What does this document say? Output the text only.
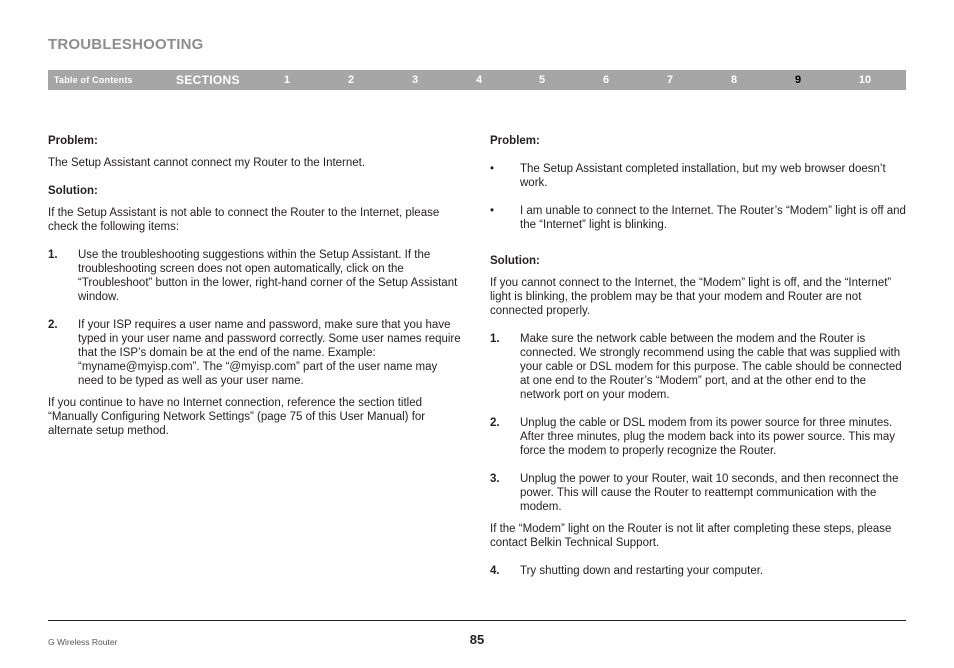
TROUBLESHOOTING
Table of Contents	SECTIONS	1	2	3	4	5	6	7	8	9	10

Problem:

The Setup Assistant cannot connect my Router to the Internet.

Solution:

If the Setup Assistant is not able to connect the Router to the Internet, please check the following items:

1. Use the troubleshooting suggestions within the Setup Assistant. If the troubleshooting screen does not open automatically, click on the “Troubleshoot” button in the lower, right-hand corner of the Setup Assistant window.
2. If your ISP requires a user name and password, make sure that you have typed in your user name and password correctly. Some user names require that the ISP’s domain be at the end of the name. Example: “myname@myisp.com”. The “@myisp.com” part of the user name may need to be typed as well as your user name.

If you continue to have no Internet connection, reference the section titled “Manually Configuring Network Settings” (page 75 of this User Manual) for alternate setup method.

Problem:

• The Setup Assistant completed installation, but my web browser doesn’t work.
• I am unable to connect to the Internet. The Router’s “Modem” light is off and the “Internet” light is blinking.

Solution:

If you cannot connect to the Internet, the “Modem” light is off, and the “Internet” light is blinking, the problem may be that your modem and Router are not connected properly.

1. Make sure the network cable between the modem and the Router is connected. We strongly recommend using the cable that was supplied with your cable or DSL modem for this purpose. The cable should be connected at one end to the Router’s “Modem” port, and at the other end to the network port on your modem.
2. Unplug the cable or DSL modem from its power source for three minutes. After three minutes, plug the modem back into its power source. This may force the modem to properly recognize the Router.
3. Unplug the power to your Router, wait 10 seconds, and then reconnect the power. This will cause the Router to reattempt communication with the modem.

If the “Modem” light on the Router is not lit after completing these steps, please contact Belkin Technical Support.

4. Try shutting down and restarting your computer.
G Wireless Router	85
